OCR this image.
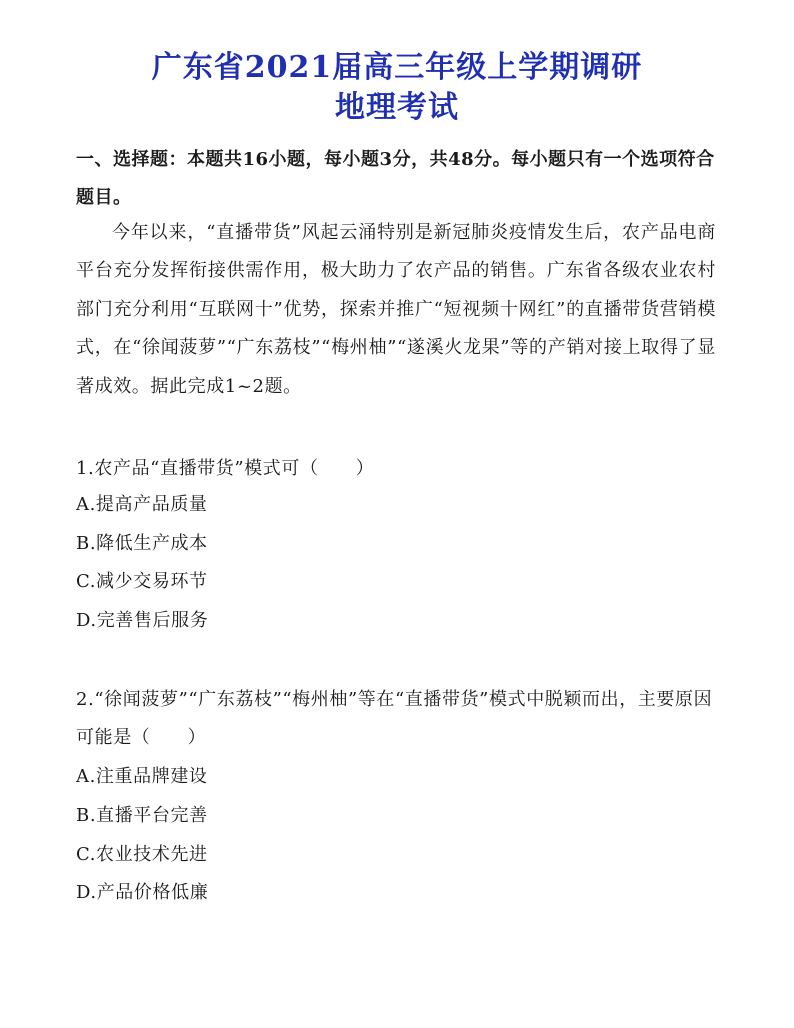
广东省2021届高三年级上学期调研
地理考试
一、选择题：本题共16小题，每小题3分，共48分。每小题只有一个选项符合题目。
今年以来，“直播带货”风起云涌特别是新冠肺炎疫情发生后，农产品电商平台充分发挥衔接供需作用，极大助力了农产品的销售。广东省各级农业农村部门充分利用“互联网十”优势，探索并推广“短视频十网红”的直播带货营销模式，在“徐闻菠萝”“广东荔枝”“梅州柚”“遂溪火龙果”等的产销对接上取得了显著成效。据此完成1~2题。
1.农产品“直播带货”模式可（　　）
A.提高产品质量
B.降低生产成本
C.减少交易环节
D.完善售后服务
2.“徐闻菠萝”“广东荔枝”“梅州柚”等在“直播带货”模式中脱颖而出，主要原因可能是（　　）
A.注重品牌建设
B.直播平台完善
C.农业技术先进
D.产品价格低廉
